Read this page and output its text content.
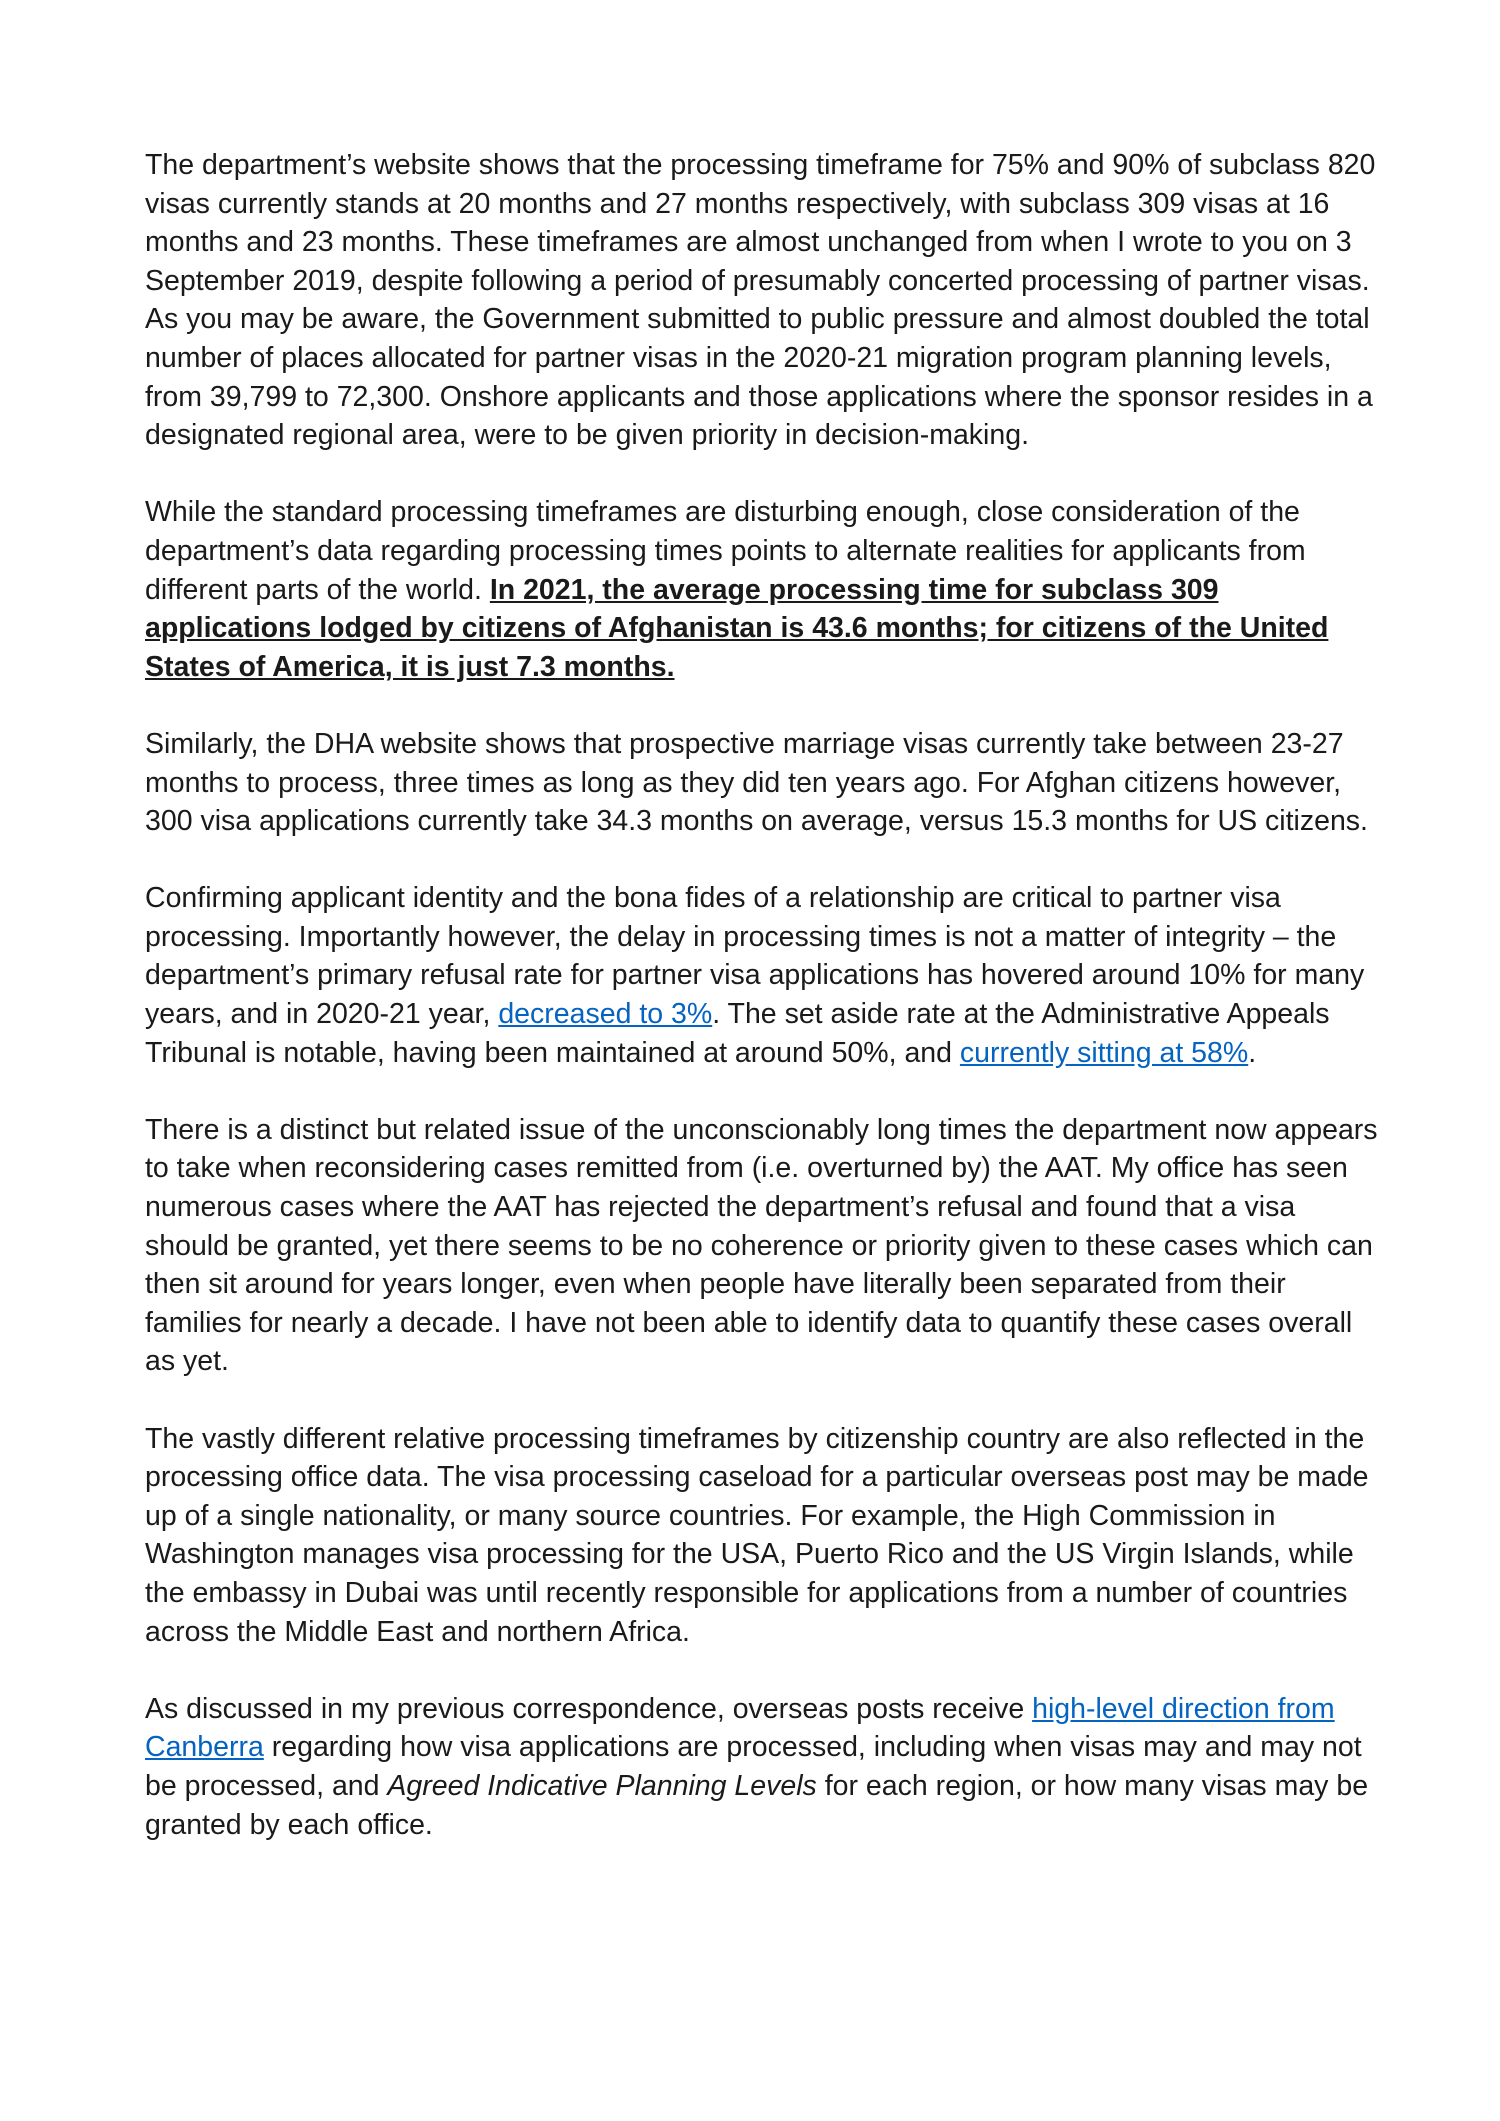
The department’s website shows that the processing timeframe for 75% and 90% of subclass 820 visas currently stands at 20 months and 27 months respectively, with subclass 309 visas at 16 months and 23 months. These timeframes are almost unchanged from when I wrote to you on 3 September 2019, despite following a period of presumably concerted processing of partner visas.

As you may be aware, the Government submitted to public pressure and almost doubled the total number of places allocated for partner visas in the 2020-21 migration program planning levels, from 39,799 to 72,300. Onshore applicants and those applications where the sponsor resides in a designated regional area, were to be given priority in decision-making.

While the standard processing timeframes are disturbing enough, close consideration of the department’s data regarding processing times points to alternate realities for applicants from different parts of the world. In 2021, the average processing time for subclass 309 applications lodged by citizens of Afghanistan is 43.6 months; for citizens of the United States of America, it is just 7.3 months.

Similarly, the DHA website shows that prospective marriage visas currently take between 23-27 months to process, three times as long as they did ten years ago. For Afghan citizens however, 300 visa applications currently take 34.3 months on average, versus 15.3 months for US citizens.

Confirming applicant identity and the bona fides of a relationship are critical to partner visa processing. Importantly however, the delay in processing times is not a matter of integrity – the department’s primary refusal rate for partner visa applications has hovered around 10% for many years, and in 2020-21 year, decreased to 3%. The set aside rate at the Administrative Appeals Tribunal is notable, having been maintained at around 50%, and currently sitting at 58%.

There is a distinct but related issue of the unconscionably long times the department now appears to take when reconsidering cases remitted from (i.e. overturned by) the AAT. My office has seen numerous cases where the AAT has rejected the department’s refusal and found that a visa should be granted, yet there seems to be no coherence or priority given to these cases which can then sit around for years longer, even when people have literally been separated from their families for nearly a decade. I have not been able to identify data to quantify these cases overall as yet.

The vastly different relative processing timeframes by citizenship country are also reflected in the processing office data. The visa processing caseload for a particular overseas post may be made up of a single nationality, or many source countries. For example, the High Commission in Washington manages visa processing for the USA, Puerto Rico and the US Virgin Islands, while the embassy in Dubai was until recently responsible for applications from a number of countries across the Middle East and northern Africa.

As discussed in my previous correspondence, overseas posts receive high-level direction from Canberra regarding how visa applications are processed, including when visas may and may not be processed, and Agreed Indicative Planning Levels for each region, or how many visas may be granted by each office.
